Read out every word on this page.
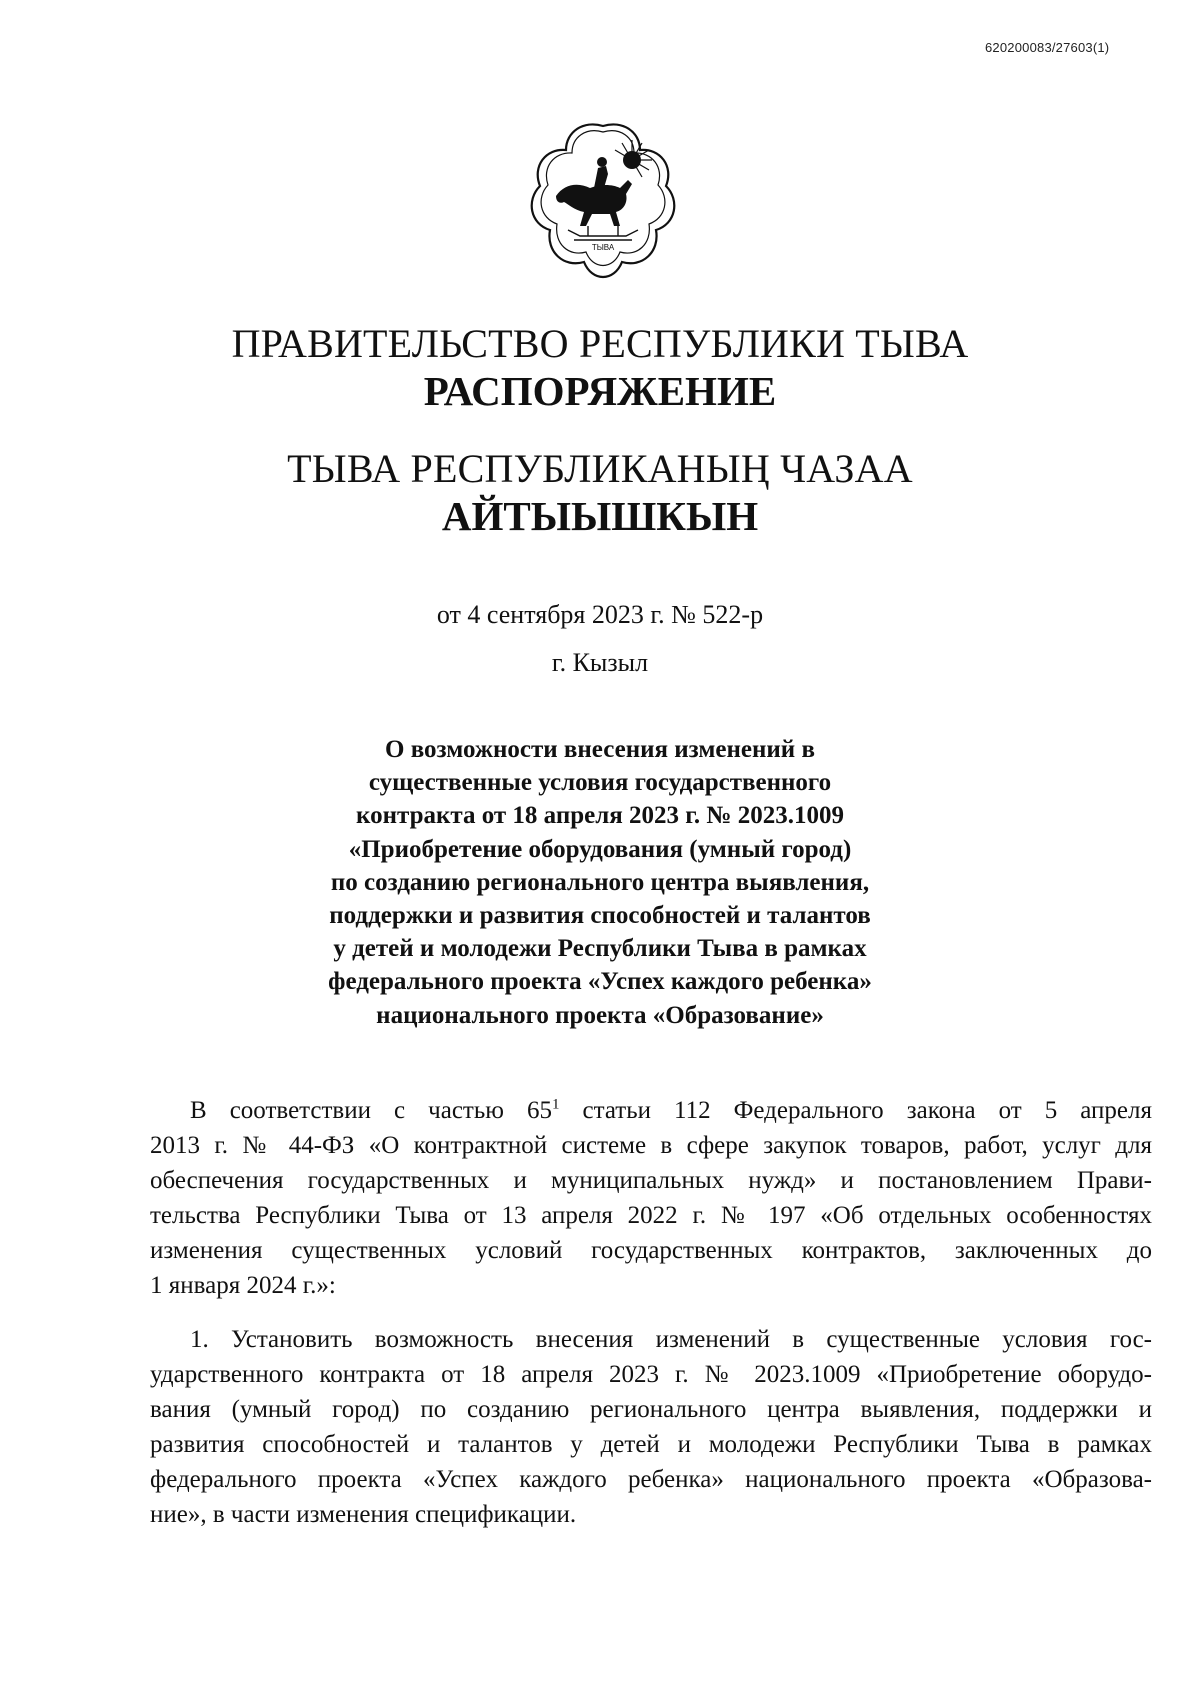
620200083/27603(1)
ТЫВА
ПРАВИТЕЛЬСТВО РЕСПУБЛИКИ ТЫВА
РАСПОРЯЖЕНИЕ
ТЫВА РЕСПУБЛИКАНЫҢ ЧАЗАА
АЙТЫЫШКЫН
от 4 сентября 2023 г. № 522-р
г. Кызыл
О возможности внесения изменений в
существенные условия государственного
контракта от 18 апреля 2023 г. № 2023.1009
«Приобретение оборудования (умный город)
по созданию регионального центра выявления,
поддержки и развития способностей и талантов
у детей и молодежи Республики Тыва в рамках
федерального проекта «Успех каждого ребенка»
национального проекта «Образование»
В соответствии с частью $65^1$ статьи 112 Федерального закона от 5 апреля
2013 г. № 44-ФЗ «О контрактной системе в сфере закупок товаров, работ, услуг для
обеспечения государственных и муниципальных нужд» и постановлением Прави-
тельства Республики Тыва от 13 апреля 2022 г. № 197 «Об отдельных особенностях
изменения существенных условий государственных контрактов, заключенных до
1 января 2024 г.»:
1. Установить возможность внесения изменений в существенные условия гос-
ударственного контракта от 18 апреля 2023 г. № 2023.1009 «Приобретение оборудо-
вания (умный город) по созданию регионального центра выявления, поддержки и
развития способностей и талантов у детей и молодежи Республики Тыва в рамках
федерального проекта «Успех каждого ребенка» национального проекта «Образова-
ние», в части изменения спецификации.
